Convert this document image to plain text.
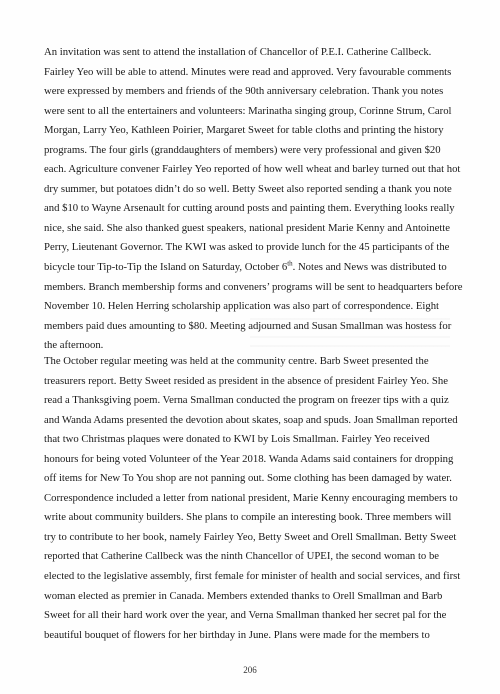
An invitation was sent to attend the installation of Chancellor of P.E.I. Catherine Callbeck. Fairley Yeo will be able to attend. Minutes were read and approved. Very favourable comments were expressed by members and friends of the 90th anniversary celebration. Thank you notes were sent to all the entertainers and volunteers: Marinatha singing group, Corinne Strum, Carol Morgan, Larry Yeo, Kathleen Poirier, Margaret Sweet for table cloths and printing the history programs. The four girls (granddaughters of members) were very professional and given $20 each. Agriculture convener Fairley Yeo reported of how well wheat and barley turned out that hot dry summer, but potatoes didn’t do so well. Betty Sweet also reported sending a thank you note and $10 to Wayne Arsenault for cutting around posts and painting them. Everything looks really nice, she said. She also thanked guest speakers, national president Marie Kenny and Antoinette Perry, Lieutenant Governor. The KWI was asked to provide lunch for the 45 participants of the bicycle tour Tip-to-Tip the Island on Saturday, October 6th. Notes and News was distributed to members. Branch membership forms and conveners’ programs will be sent to headquarters before November 10. Helen Herring scholarship application was also part of correspondence. Eight members paid dues amounting to $80. Meeting adjourned and Susan Smallman was hostess for the afternoon.

The October regular meeting was held at the community centre. Barb Sweet presented the treasurers report. Betty Sweet resided as president in the absence of president Fairley Yeo. She read a Thanksgiving poem. Verna Smallman conducted the program on freezer tips with a quiz and Wanda Adams presented the devotion about skates, soap and spuds. Joan Smallman reported that two Christmas plaques were donated to KWI by Lois Smallman. Fairley Yeo received honours for being voted Volunteer of the Year 2018. Wanda Adams said containers for dropping off items for New To You shop are not panning out. Some clothing has been damaged by water. Correspondence included a letter from national president, Marie Kenny encouraging members to write about community builders. She plans to compile an interesting book. Three members will try to contribute to her book, namely Fairley Yeo, Betty Sweet and Orell Smallman. Betty Sweet reported that Catherine Callbeck was the ninth Chancellor of UPEI, the second woman to be elected to the legislative assembly, first female for minister of health and social services, and first woman elected as premier in Canada. Members extended thanks to Orell Smallman and Barb Sweet for all their hard work over the year, and Verna Smallman thanked her secret pal for the beautiful bouquet of flowers for her birthday in June. Plans were made for the members to

206
